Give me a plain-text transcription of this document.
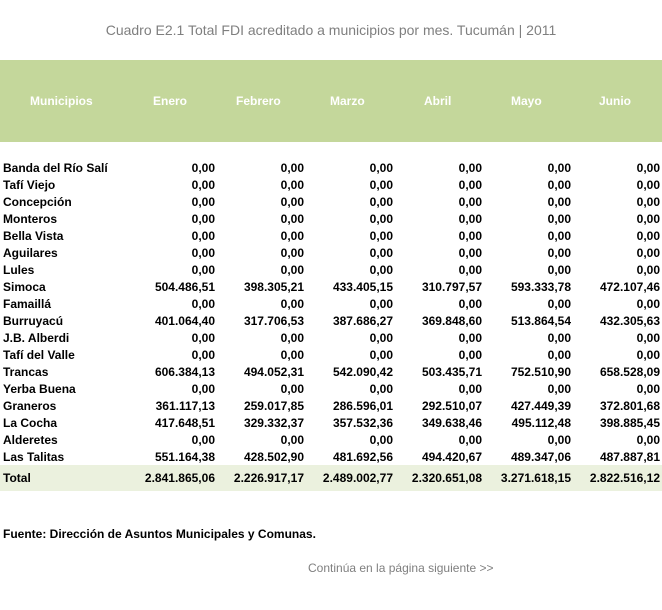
Cuadro E2.1 Total FDI acreditado a municipios por mes. Tucumán | 2011
Municipios	Enero	Febrero	Marzo	Abril	Mayo	Junio
Banda del Río Salí	0,00	0,00	0,00	0,00	0,00	0,00
Tafí Viejo	0,00	0,00	0,00	0,00	0,00	0,00
Concepción	0,00	0,00	0,00	0,00	0,00	0,00
Monteros	0,00	0,00	0,00	0,00	0,00	0,00
Bella Vista	0,00	0,00	0,00	0,00	0,00	0,00
Aguilares	0,00	0,00	0,00	0,00	0,00	0,00
Lules	0,00	0,00	0,00	0,00	0,00	0,00
Simoca	504.486,51	398.305,21	433.405,15	310.797,57	593.333,78	472.107,46
Famaillá	0,00	0,00	0,00	0,00	0,00	0,00
Burruyacú	401.064,40	317.706,53	387.686,27	369.848,60	513.864,54	432.305,63
J.B. Alberdi	0,00	0,00	0,00	0,00	0,00	0,00
Tafí del Valle	0,00	0,00	0,00	0,00	0,00	0,00
Trancas	606.384,13	494.052,31	542.090,42	503.435,71	752.510,90	658.528,09
Yerba Buena	0,00	0,00	0,00	0,00	0,00	0,00
Graneros	361.117,13	259.017,85	286.596,01	292.510,07	427.449,39	372.801,68
La Cocha	417.648,51	329.332,37	357.532,36	349.638,46	495.112,48	398.885,45
Alderetes	0,00	0,00	0,00	0,00	0,00	0,00
Las Talitas	551.164,38	428.502,90	481.692,56	494.420,67	489.347,06	487.887,81
Total	2.841.865,06	2.226.917,17	2.489.002,77	2.320.651,08	3.271.618,15	2.822.516,12
Fuente: Dirección de Asuntos Municipales y Comunas.
Continúa en la página siguiente >>
